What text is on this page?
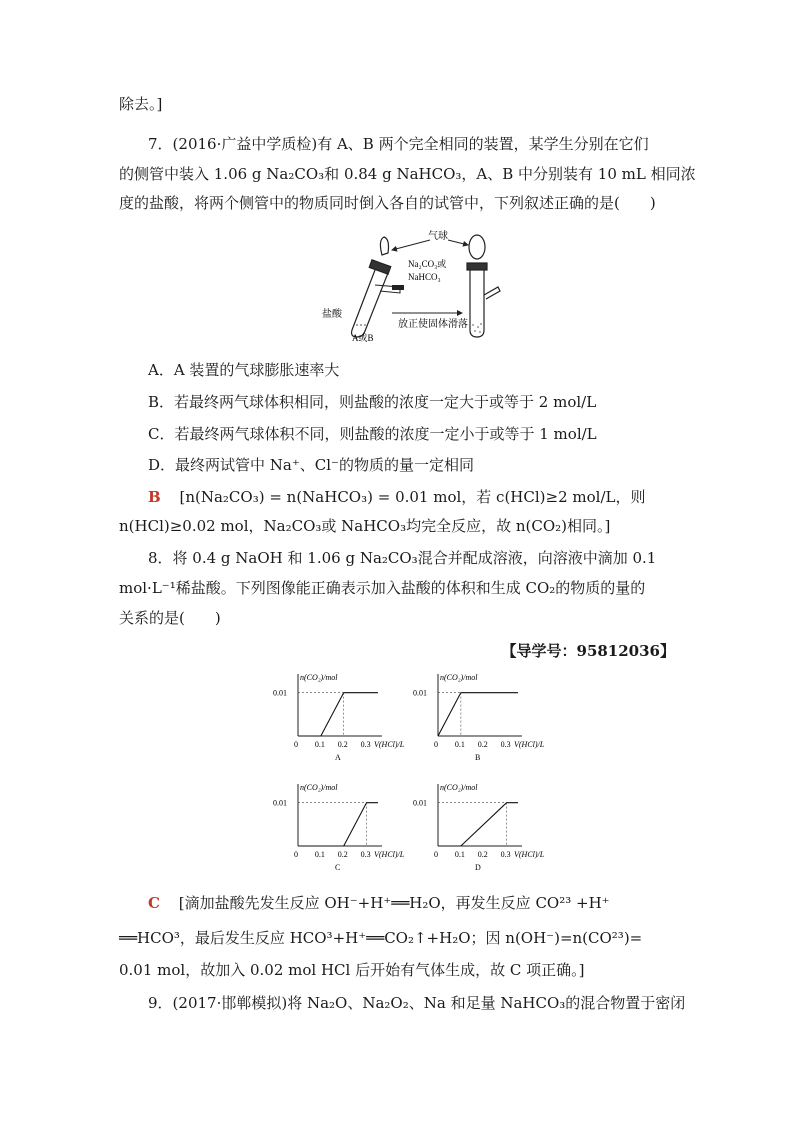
除去。]
7．(2016·广益中学质检)有 A、B 两个完全相同的装置，某学生分别在它们
的侧管中装入 1.06 g Na₂CO₃和 0.84 g NaHCO₃，A、B 中分别装有 10 mL 相同浓
度的盐酸，将两个侧管中的物质同时倒入各自的试管中，下列叙述正确的是(　　)
气球
Na₂CO₃或
NaHCO₃
盐酸
A或B
放正使固体滑落
A．A 装置的气球膨胀速率大
B．若最终两气球体积相同，则盐酸的浓度一定大于或等于 2 mol/L
C．若最终两气球体积不同，则盐酸的浓度一定小于或等于 1 mol/L
D．最终两试管中 Na⁺、Cl⁻的物质的量一定相同
B [n(Na₂CO₃) = n(NaHCO₃) = 0.01 mol，若 c(HCl)≥2 mol/L，则
n(HCl)≥0.02 mol，Na₂CO₃或 NaHCO₃均完全反应，故 n(CO₂)相同。]
8．将 0.4 g NaOH 和 1.06 g Na₂CO₃混合并配成溶液，向溶液中滴加 0.1
mol·L⁻¹稀盐酸。下列图像能正确表示加入盐酸的体积和生成 CO₂的物质的量的
关系的是(　　)
【导学号：95812036】
n(CO₂)/mol
0.01
0 0.1 0.2 0.3 V(HCl)/L
A
n(CO₂)/mol
0.01
0 0.1 0.2 0.3 V(HCl)/L
B
n(CO₂)/mol
0.01
0 0.1 0.2 0.3 V(HCl)/L
C
n(CO₂)/mol
0.01
0 0.1 0.2 0.3 V(HCl)/L
D
C [滴加盐酸先发生反应 OH⁻+H⁺══H₂O，再发生反应 CO²³ +H⁺
══HCO³，最后发生反应 HCO³+H⁺══CO₂↑+H₂O；因 n(OH⁻)=n(CO²³)=
0.01 mol，故加入 0.02 mol HCl 后开始有气体生成，故 C 项正确。]
9．(2017·邯郸模拟)将 Na₂O、Na₂O₂、Na 和足量 NaHCO₃的混合物置于密闭
